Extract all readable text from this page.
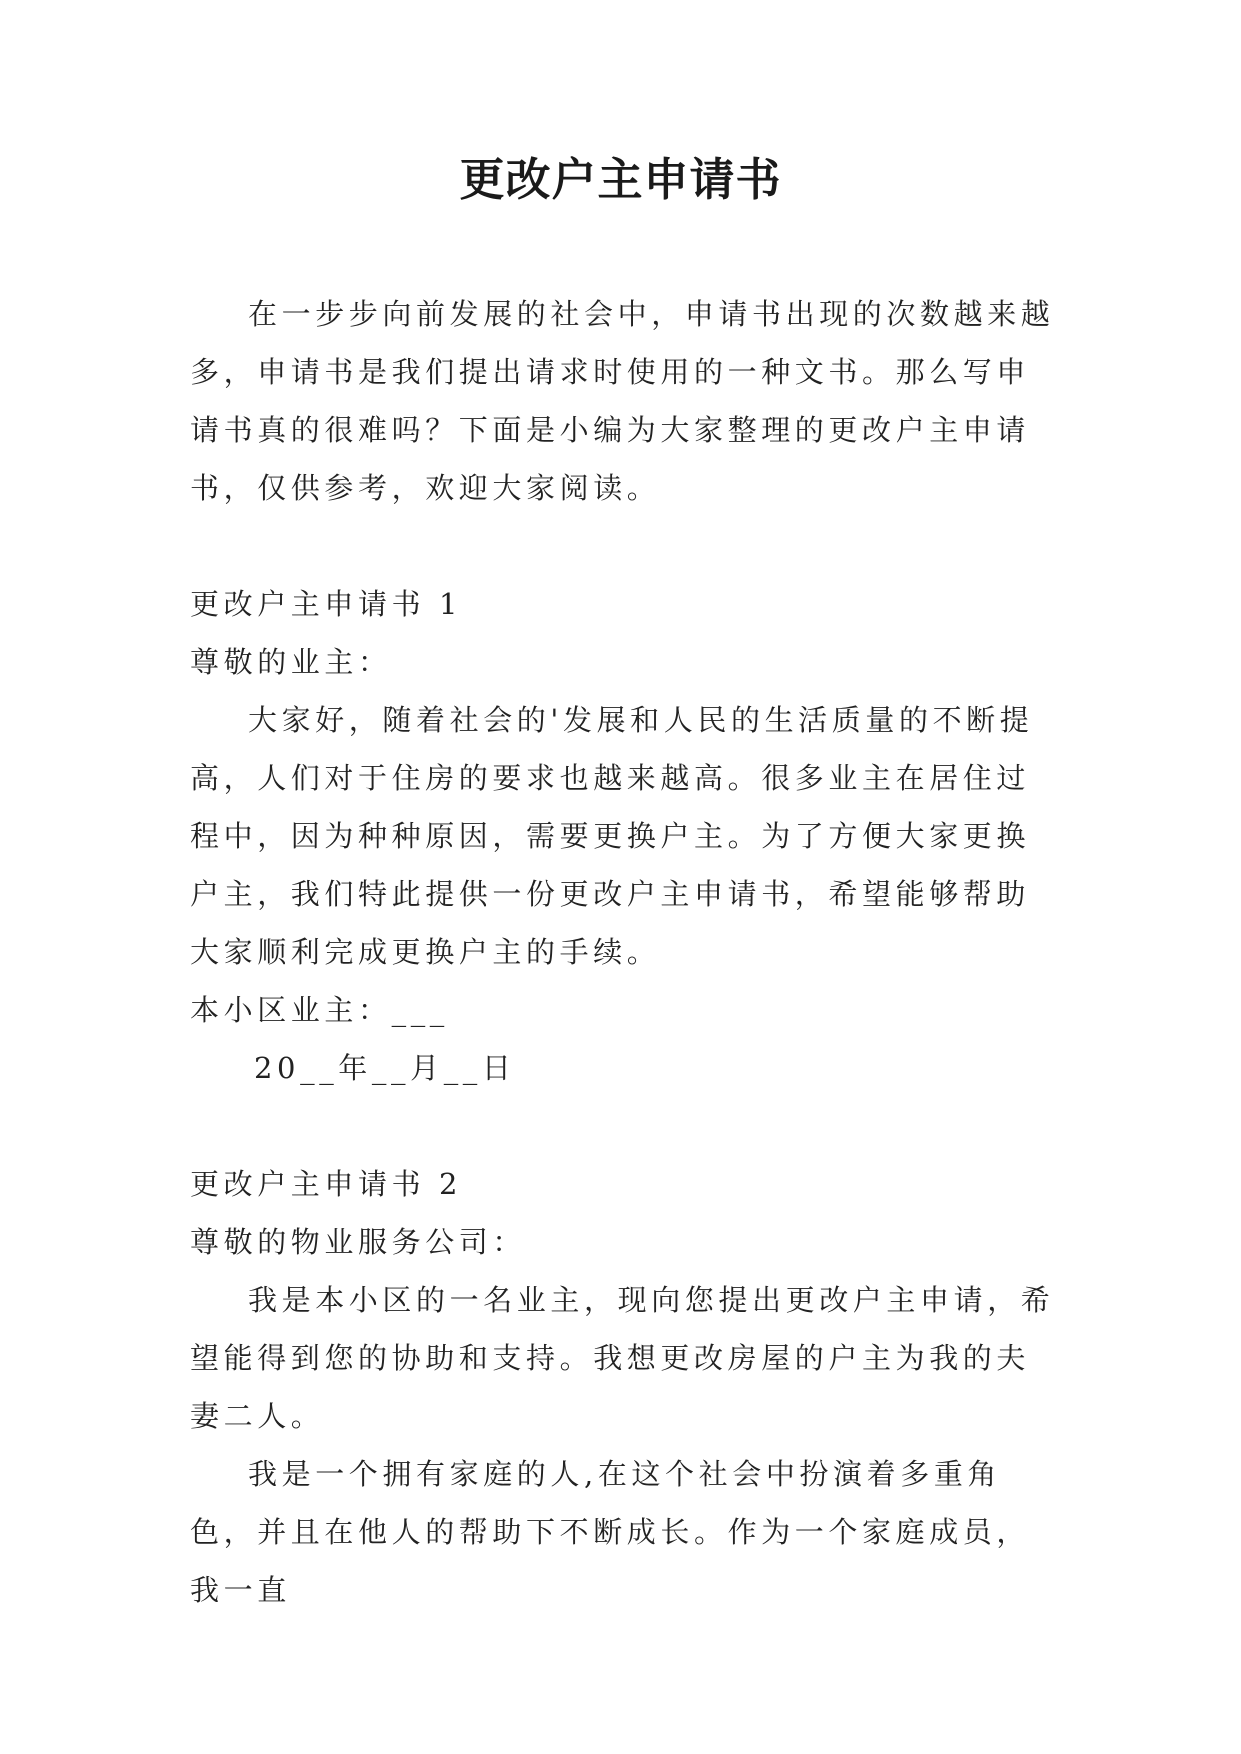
更改户主申请书

在一步步向前发展的社会中，申请书出现的次数越来越多，申请书是我们提出请求时使用的一种文书。那么写申请书真的很难吗？下面是小编为大家整理的更改户主申请书，仅供参考，欢迎大家阅读。

更改户主申请书 1

尊敬的业主：

大家好，随着社会的'发展和人民的生活质量的不断提高，人们对于住房的要求也越来越高。很多业主在居住过程中，因为种种原因，需要更换户主。为了方便大家更换户主，我们特此提供一份更改户主申请书，希望能够帮助大家顺利完成更换户主的手续。

本小区业主：___

20__年__月__日

更改户主申请书 2

尊敬的物业服务公司：

我是本小区的一名业主，现向您提出更改户主申请，希望能得到您的协助和支持。我想更改房屋的户主为我的夫妻二人。

我是一个拥有家庭的人,在这个社会中扮演着多重角色，并且在他人的帮助下不断成长。作为一个家庭成员，我一直
